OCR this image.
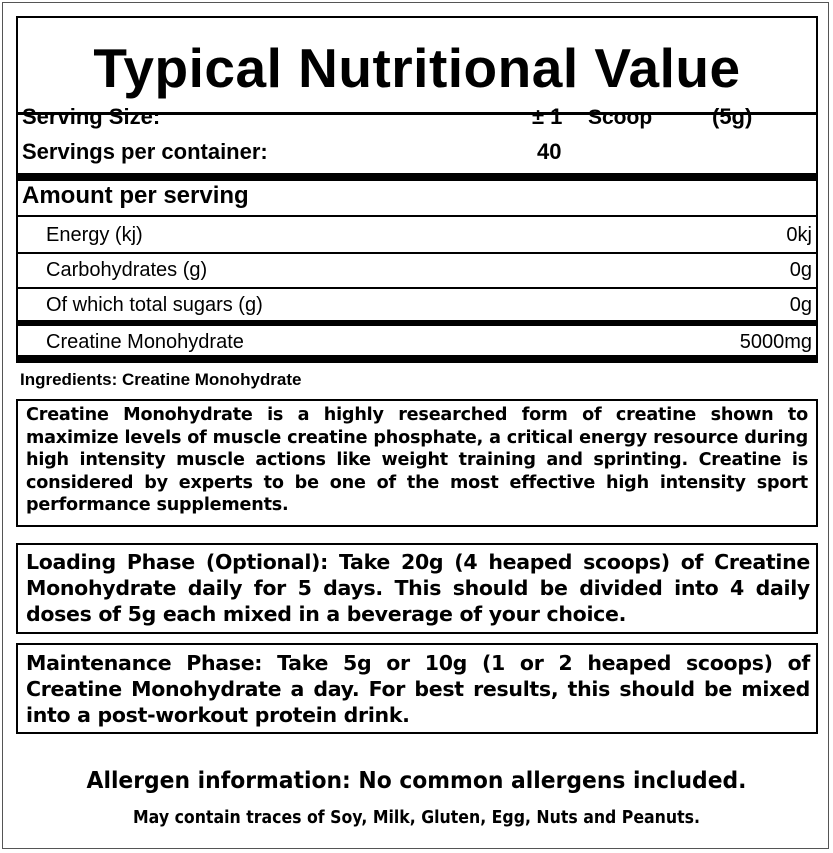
Typical Nutritional Value
Serving Size:	± 1 Scoop	(5g)
Servings per container:	40
Amount per serving
Energy (kj)	0kj
Carbohydrates (g)	0g
Of which total sugars (g)	0g
Creatine Monohydrate	5000mg
Ingredients: Creatine Monohydrate
Creatine Monohydrate is a highly researched form of creatine shown to maximize levels of muscle creatine phosphate, a critical energy resource during high intensity muscle actions like weight training and sprinting. Creatine is considered by experts to be one of the most effective high intensity sport performance supplements.
Loading Phase (Optional): Take 20g (4 heaped scoops) of Creatine Monohydrate daily for 5 days. This should be divided into 4 daily doses of 5g each mixed in a beverage of your choice.
Maintenance Phase: Take 5g or 10g (1 or 2 heaped scoops) of Creatine Monohydrate a day. For best results, this should be mixed into a post-workout protein drink.
Allergen information: No common allergens included.
May contain traces of Soy, Milk, Gluten, Egg, Nuts and Peanuts.
